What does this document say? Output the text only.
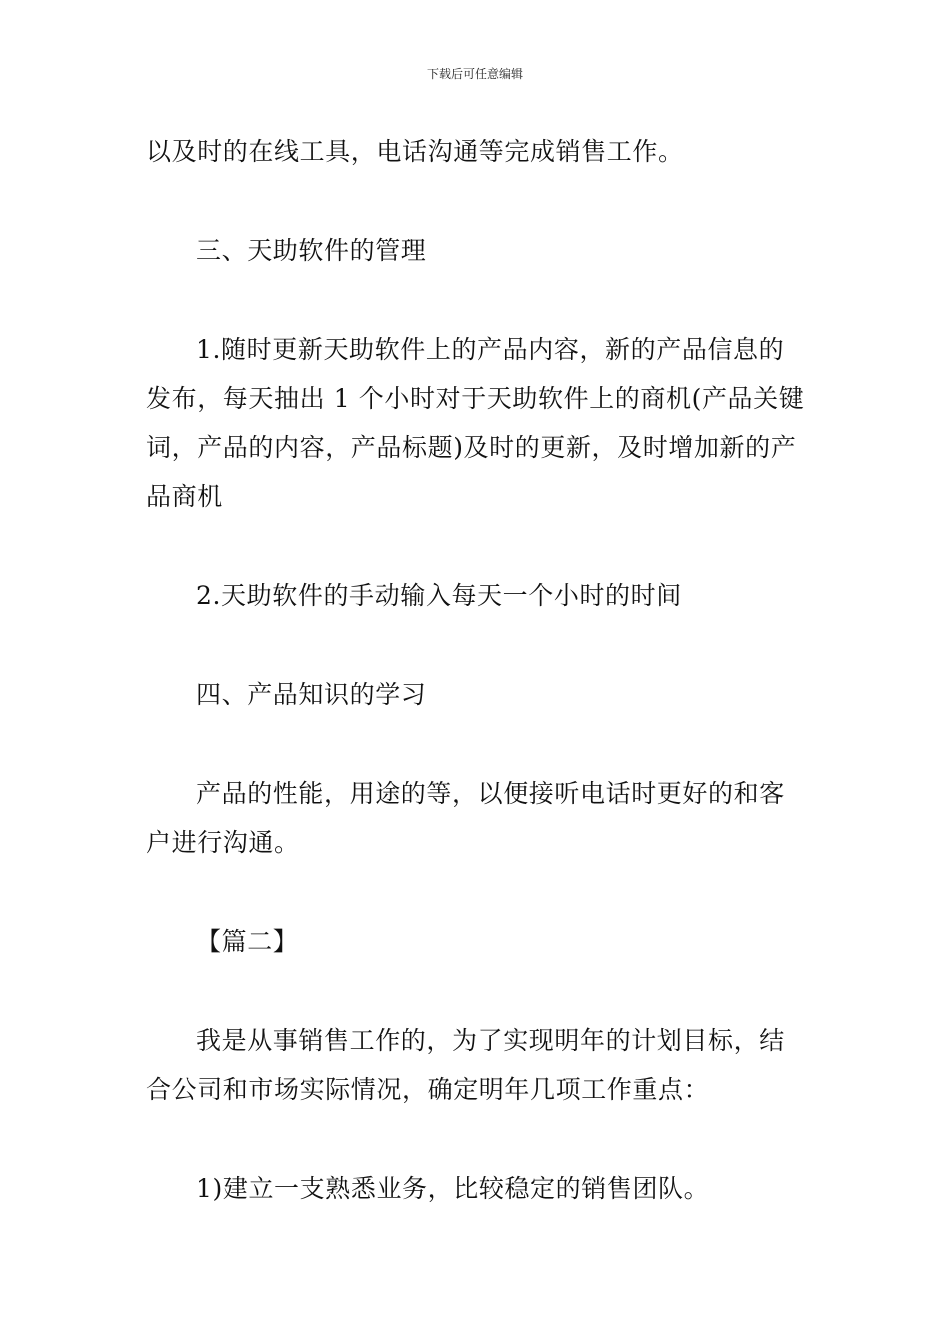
下载后可任意编辑
以及时的在线工具，电话沟通等完成销售工作。
三、天助软件的管理
1.随时更新天助软件上的产品内容，新的产品信息的
发布，每天抽出 1 个小时对于天助软件上的商机(产品关键
词，产品的内容，产品标题)及时的更新，及时增加新的产
品商机
2.天助软件的手动输入每天一个小时的时间
四、产品知识的学习
产品的性能，用途的等，以便接听电话时更好的和客
户进行沟通。
【篇二】
我是从事销售工作的，为了实现明年的计划目标，结
合公司和市场实际情况，确定明年几项工作重点：
1)建立一支熟悉业务，比较稳定的销售团队。
